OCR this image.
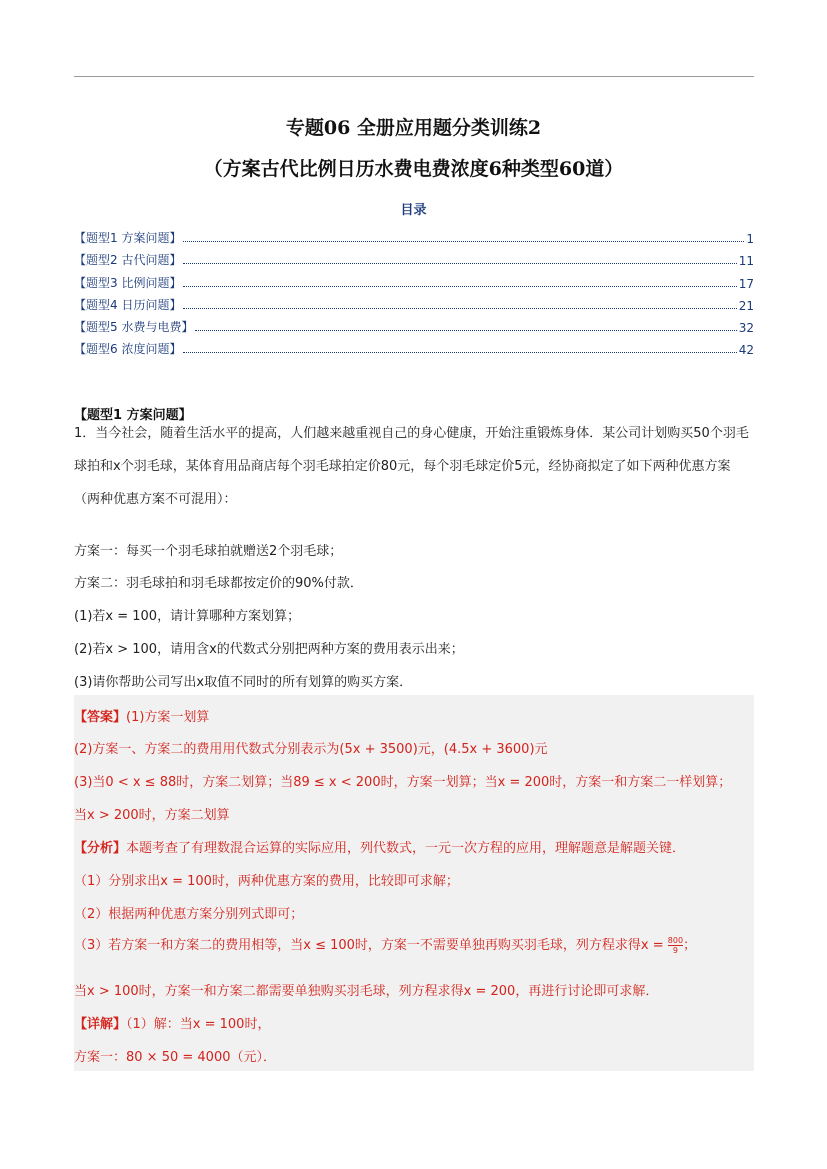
专题06 全册应用题分类训练2
（方案古代比例日历水费电费浓度6种类型60道）
目录
【题型1 方案问题】	1
【题型2 古代问题】	11
【题型3 比例问题】	17
【题型4 日历问题】	21
【题型5 水费与电费】	32
【题型6 浓度问题】	42
【题型1 方案问题】
1．当今社会，随着生活水平的提高，人们越来越重视自己的身心健康，开始注重锻炼身体．某公司计划购买50个羽毛球拍和x个羽毛球，某体育用品商店每个羽毛球拍定价80元，每个羽毛球定价5元，经协商拟定了如下两种优惠方案（两种优惠方案不可混用）：
方案一：每买一个羽毛球拍就赠送2个羽毛球；
方案二：羽毛球拍和羽毛球都按定价的90%付款．
(1)若x = 100，请计算哪种方案划算；
(2)若x > 100，请用含x的代数式分别把两种方案的费用表示出来；
(3)请你帮助公司写出x取值不同时的所有划算的购买方案．
【答案】(1)方案一划算
(2)方案一、方案二的费用用代数式分别表示为(5x + 3500)元，(4.5x + 3600)元
(3)当0 < x ≤ 88时，方案二划算；当89 ≤ x < 200时，方案一划算；当x = 200时，方案一和方案二一样划算；
当x > 200时，方案二划算
【分析】本题考查了有理数混合运算的实际应用，列代数式，一元一次方程的应用，理解题意是解题关键．
（1）分别求出x = 100时，两种优惠方案的费用，比较即可求解；
（2）根据两种优惠方案分别列式即可；
（3）若方案一和方案二的费用相等，当x ≤ 100时，方案一不需要单独再购买羽毛球，列方程求得$x = \frac{800}{9}$ ；
当x > 100时，方案一和方案二都需要单独购买羽毛球，列方程求得x = 200，再进行讨论即可求解．
【详解】（1）解：当x = 100时，
方案一：80 × 50 = 4000（元）．
